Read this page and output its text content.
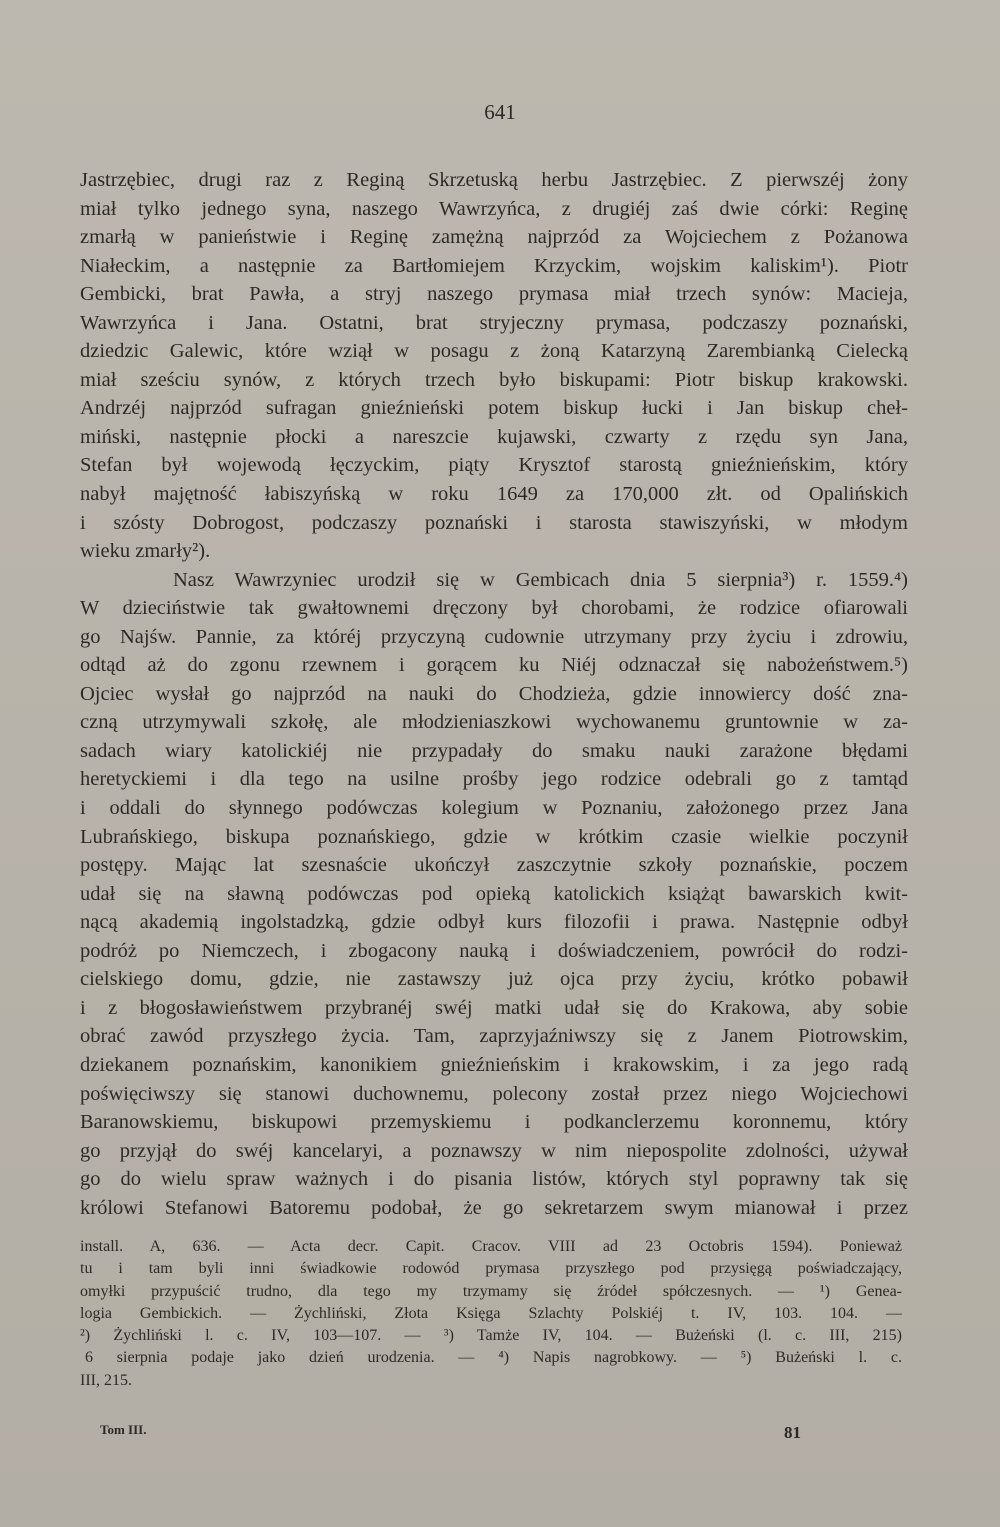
641
Jastrzębiec, drugi raz z Reginą Skrzetuską herbu Jastrzębiec. Z pierwszéj żony
miał tylko jednego syna, naszego Wawrzyńca, z drugiéj zaś dwie córki: Reginę
zmarłą w panieństwie i Reginę zamężną najprzód za Wojciechem z Pożanowa
Niałeckim, a następnie za Bartłomiejem Krzyckim, wojskim kaliskim¹). Piotr
Gembicki, brat Pawła, a stryj naszego prymasa miał trzech synów: Macieja,
Wawrzyńca i Jana. Ostatni, brat stryjeczny prymasa, podczaszy poznański,
dziedzic Galewic, które wziął w posagu z żoną Katarzyną Zarembianką Cielecką
miał sześciu synów, z których trzech było biskupami: Piotr biskup krakowski.
Andrzéj najprzód sufragan gnieźnieński potem biskup łucki i Jan biskup cheł-
miński, następnie płocki a nareszcie kujawski, czwarty z rzędu syn Jana,
Stefan był wojewodą łęczyckim, piąty Krysztof starostą gnieźnieńskim, który
nabył majętność łabiszyńską w roku 1649 za 170,000 złt. od Opalińskich
i szósty Dobrogost, podczaszy poznański i starosta stawiszyński, w młodym
wieku zmarły²).
Nasz Wawrzyniec urodził się w Gembicach dnia 5 sierpnia³) r. 1559.⁴)
W dzieciństwie tak gwałtownemi dręczony był chorobami, że rodzice ofiarowali
go Najśw. Pannie, za któréj przyczyną cudownie utrzymany przy życiu i zdrowiu,
odtąd aż do zgonu rzewnem i gorącem ku Niéj odznaczał się nabożeństwem.⁵)
Ojciec wysłał go najprzód na nauki do Chodzieża, gdzie innowiercy dość zna-
czną utrzymywali szkołę, ale młodzieniaszkowi wychowanemu gruntownie w za-
sadach wiary katolickiéj nie przypadały do smaku nauki zarażone błędami
heretyckiemi i dla tego na usilne prośby jego rodzice odebrali go z tamtąd
i oddali do słynnego podówczas kolegium w Poznaniu, założonego przez Jana
Lubrańskiego, biskupa poznańskiego, gdzie w krótkim czasie wielkie poczynił
postępy. Mając lat szesnaście ukończył zaszczytnie szkoły poznańskie, poczem
udał się na sławną podówczas pod opieką katolickich książąt bawarskich kwit-
nącą akademią ingolstadzką, gdzie odbył kurs filozofii i prawa. Następnie odbył
podróż po Niemczech, i zbogacony nauką i doświadczeniem, powrócił do rodzi-
cielskiego domu, gdzie, nie zastawszy już ojca przy życiu, krótko pobawił
i z błogosławieństwem przybranéj swéj matki udał się do Krakowa, aby sobie
obrać zawód przyszłego życia. Tam, zaprzyjaźniwszy się z Janem Piotrowskim,
dziekanem poznańskim, kanonikiem gnieźnieńskim i krakowskim, i za jego radą
poświęciwszy się stanowi duchownemu, polecony został przez niego Wojciechowi
Baranowskiemu, biskupowi przemyskiemu i podkanclerzemu koronnemu, który
go przyjął do swéj kancelaryi, a poznawszy w nim niepospolite zdolności, używał
go do wielu spraw ważnych i do pisania listów, których styl poprawny tak się
królowi Stefanowi Batoremu podobał, że go sekretarzem swym mianował i przez
install. A, 636. — Acta decr. Capit. Cracov. VIII ad 23 Octobris 1594). Ponieważ
tu i tam byli inni świadkowie rodowód prymasa przyszłego pod przysięgą poświadczający,
omyłki przypuścić trudno, dla tego my trzymamy się źródeł spółczesnych. — ¹) Genea-
logia Gembickich. — Żychliński, Złota Księga Szlachty Polskiéj t. IV, 103. 104. —
²) Żychliński l. c. IV, 103—107. — ³) Tamże IV, 104. — Bużeński (l. c. III, 215)
6 sierpnia podaje jako dzień urodzenia. — ⁴) Napis nagrobkowy. — ⁵) Bużeński l. c.
III, 215.
Tom III.	81
